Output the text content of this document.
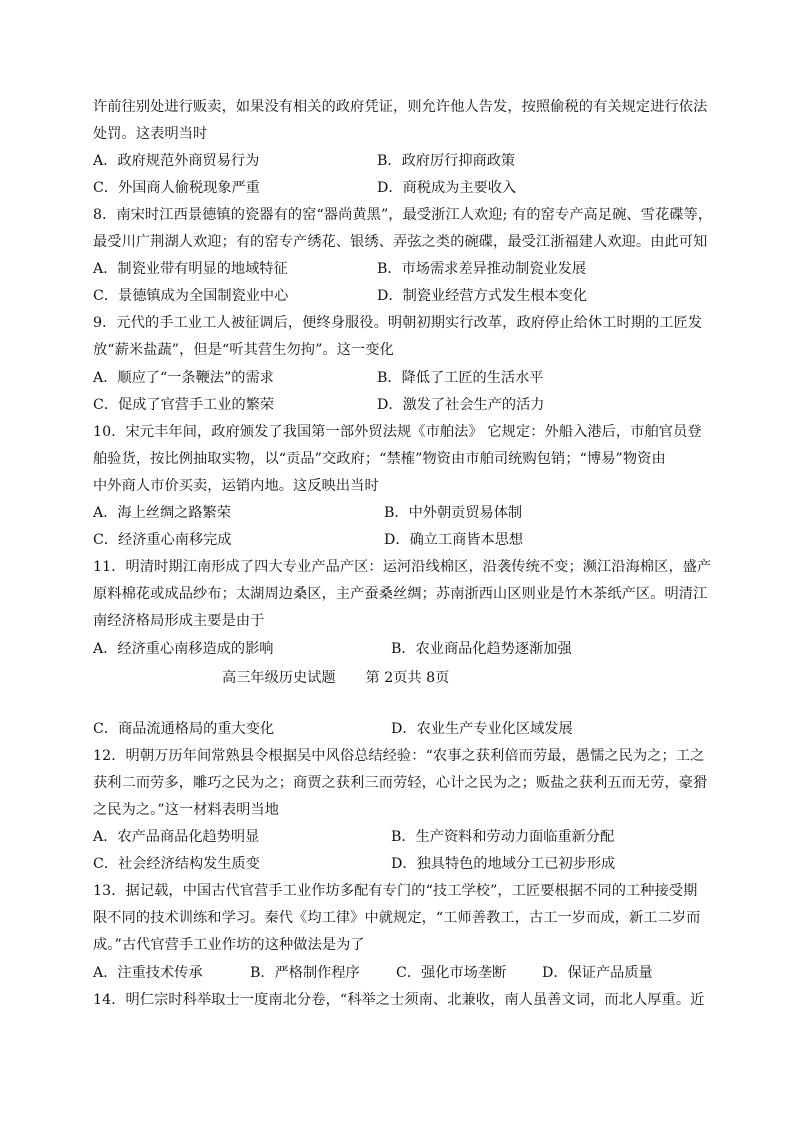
许前往别处进行贩卖，如果没有相关的政府凭证，则允许他人告发，按照偷税的有关规定进行依法
处罚。这表明当时
A．政府规范外商贸易行为	B．政府厉行抑商政策
C．外国商人偷税现象严重	D．商税成为主要收入
8．南宋时江西景德镇的瓷器有的窑“器尚黄黑”，最受浙江人欢迎; 有的窑专产高足碗、雪花碟等，
最受川广荆湖人欢迎；有的窑专产绣花、银绣、弄弦之类的碗碟，最受江浙福建人欢迎。由此可知
A．制瓷业带有明显的地域特征	B．市场需求差异推动制瓷业发展
C．景德镇成为全国制瓷业中心	D．制瓷业经营方式发生根本变化
9．元代的手工业工人被征调后，便终身服役。明朝初期实行改革，政府停止给休工时期的工匠发
放“薪米盐蔬”，但是“听其营生勿拘”。这一变化
A．顺应了“一条鞭法”的需求	B．降低了工匠的生活水平
C．促成了官营手工业的繁荣	D．激发了社会生产的活力
10．宋元丰年间，政府颁发了我国第一部外贸法规《市舶法》 它规定：外船入港后，市舶官员登
舶验货，按比例抽取实物，以“贡品”交政府；“禁榷”物资由市舶司统购包销；“博易”物资由
中外商人市价买卖，运销内地。这反映出当时
A．海上丝绸之路繁荣	B．中外朝贡贸易体制
C．经济重心南移完成	D．确立工商皆本思想
11．明清时期江南形成了四大专业产品产区：运河沿线棉区，沿袭传统不变；濒江沿海棉区，盛产
原料棉花或成品纱布；太湖周边桑区，主产蚕桑丝绸；苏南浙西山区则业是竹木茶纸产区。明清江
南经济格局形成主要是由于
A．经济重心南移造成的影响	B．农业商品化趋势逐渐加强
高三年级历史试题 第 2页共 8页
C．商品流通格局的重大变化	D．农业生产专业化区域发展
12．明朝万历年间常熟县令根据吴中风俗总结经验：“农事之获利倍而劳最，愚懦之民为之；工之
获利二而劳多，雕巧之民为之；商贾之获利三而劳轻，心计之民为之；贩盐之获利五而无劳，豪猾
之民为之。”这一材料表明当地
A．农产品商品化趋势明显	B．生产资料和劳动力面临重新分配
C．社会经济结构发生质变	D．独具特色的地域分工已初步形成
13．据记载，中国古代官营手工业作坊多配有专门的“技工学校”，工匠要根据不同的工种接受期
限不同的技术训练和学习。秦代《均工律》中就规定，“工师善教工，古工一岁而成，新工二岁而
成。”古代官营手工业作坊的这种做法是为了
A．注重技术传承	B．严格制作程序	C．强化市场垄断	D．保证产品质量
14．明仁宗时科举取士一度南北分卷，“科举之士须南、北兼收，南人虽善文词，而北人厚重。近
